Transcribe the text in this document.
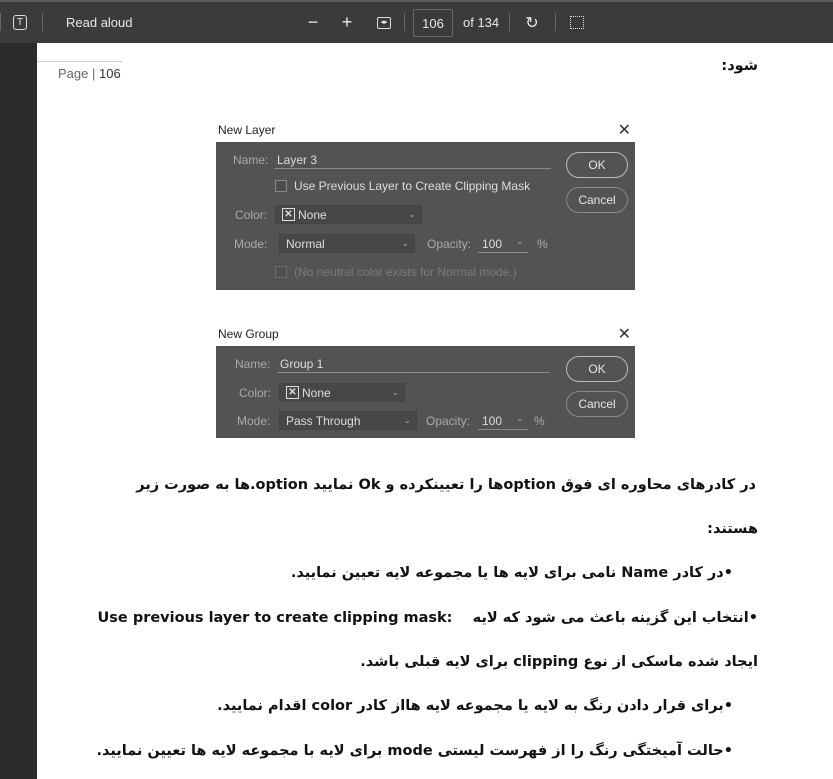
T	Read aloud	− +	◂▸	106	of 134 ↻
Page | 106	شود:
New Layer	✕
Name: Layer 3
Use Previous Layer to Create Clipping Mask
Color: ✕ None	⌄
Mode: Normal	⌄ Opacity: 100 ⌄ %
(No neutral color exists for Normal mode.)
OK
Cancel
New Group	✕
Name: Group 1
Color: ✕ None	⌄
Mode: Pass Through	⌄ Opacity: 100 ⌄ %
OK
Cancel
در کادرهای محاوره ای فوق optionها را تعیینکرده و Ok نمایید option.ها به صورت زیر
هستند:
•در کادر Name نامی برای لایه ها یا مجموعه لایه تعیین نمایید.
•انتخاب این گزینه باعث می شود که لایه    Use previous layer to create clipping mask:
ایجاد شده ماسکی از نوع clipping برای لایه قبلی باشد.
•برای قرار دادن رنگ به لایه یا مجموعه لایه هااز کادر color اقدام نمایید.
•حالت آمیختگی رنگ را از فهرست لیستی mode برای لایه با مجموعه لایه ها تعیین نمایید.
